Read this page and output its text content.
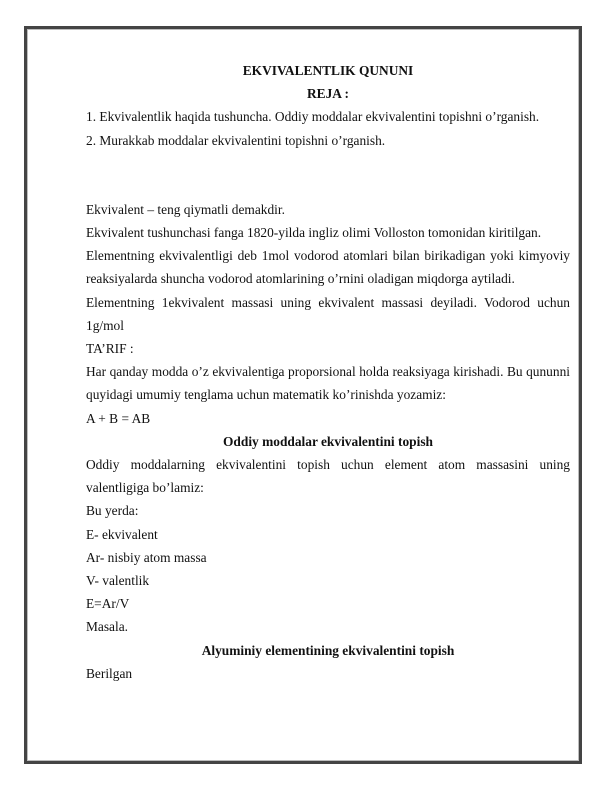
EKVIVALENTLIK QUNUNI

REJA :

1. Ekvivalentlik haqida tushuncha. Oddiy moddalar ekvivalentini topishni o’rganish.

2. Murakkab moddalar ekvivalentini topishni o’rganish.

Ekvivalent – teng qiymatli demakdir.

Ekvivalent tushunchasi fanga 1820-yilda ingliz olimi Volloston tomonidan kiritilgan.

Elementning ekvivalentligi deb 1mol vodorod atomlari bilan birikadigan yoki kimyoviy reaksiyalarda shuncha vodorod atomlarining o’rnini oladigan miqdorga aytiladi.

Elementning 1ekvivalent massasi uning ekvivalent massasi deyiladi. Vodorod uchun 1g/mol

TA’RIF :

Har qanday modda o’z ekvivalentiga proporsional holda reaksiyaga kirishadi. Bu qununni quyidagi umumiy tenglama uchun matematik ko’rinishda yozamiz:

A + B = AB

Oddiy moddalar ekvivalentini topish

Oddiy moddalarning ekvivalentini topish uchun element atom massasini uning valentligiga bo’lamiz:

Bu yerda:

E- ekvivalent

Ar- nisbiy atom massa

V- valentlik

E=Ar/V

Masala.

Alyuminiy elementining ekvivalentini topish

Berilgan
